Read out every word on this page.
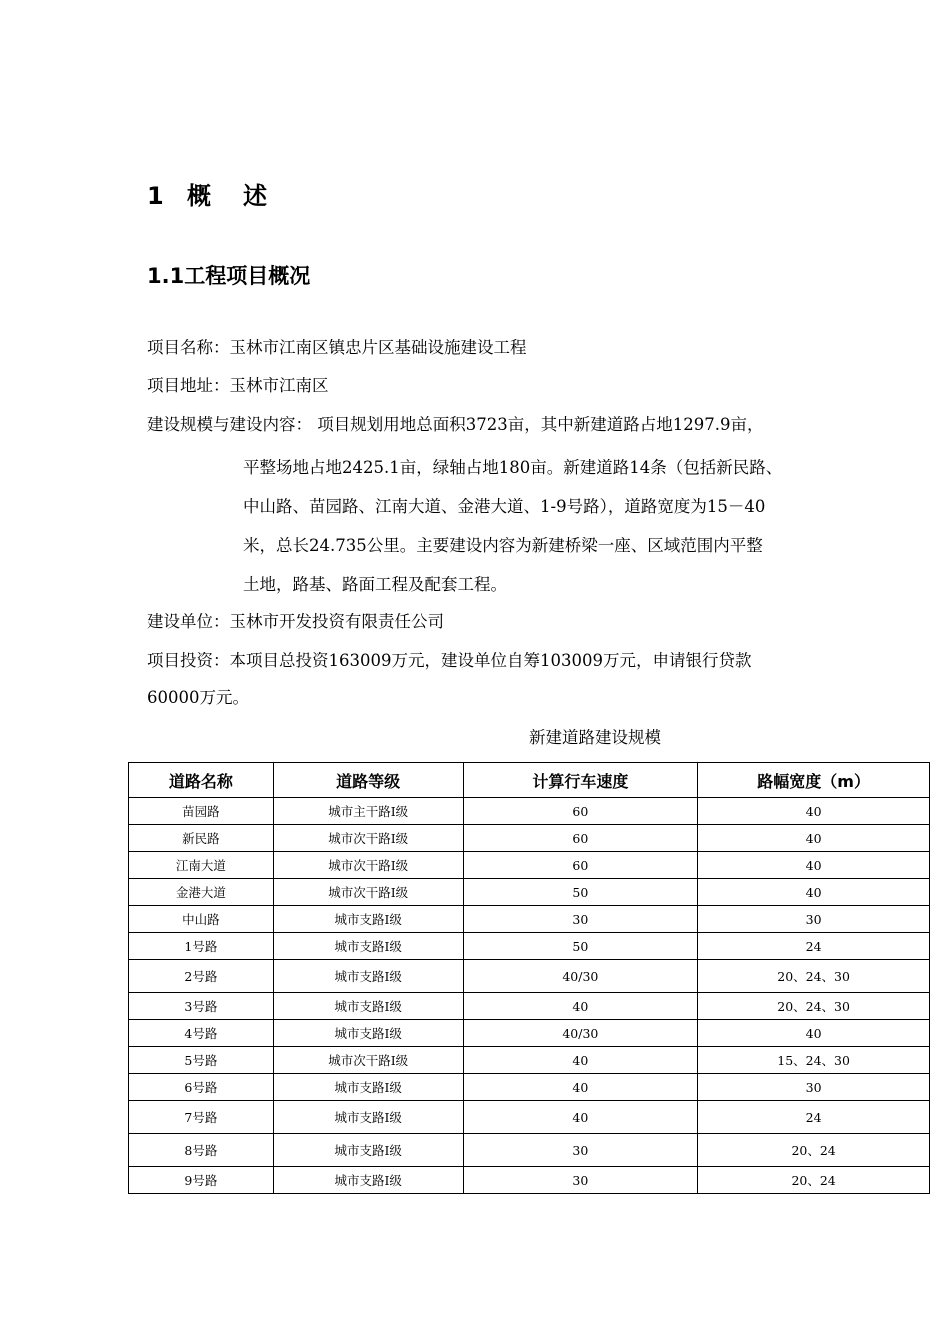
1 概 述
1.1工程项目概况
项目名称：玉林市江南区镇忠片区基础设施建设工程
项目地址：玉林市江南区
建设规模与建设内容： 项目规划用地总面积3723亩，其中新建道路占地1297.9亩，
平整场地占地2425.1亩，绿轴占地180亩。新建道路14条（包括新民路、
中山路、苗园路、江南大道、金港大道、1-9号路），道路宽度为15－40
米，总长24.735公里。主要建设内容为新建桥梁一座、区域范围内平整
土地，路基、路面工程及配套工程。
建设单位：玉林市开发投资有限责任公司
项目投资：本项目总投资163009万元，建设单位自筹103009万元，申请银行贷款
60000万元。
新建道路建设规模
道路名称	道路等级	计算行车速度	路幅宽度（m）
苗园路	城市主干路Ⅰ级	60	40
新民路	城市次干路Ⅰ级	60	40
江南大道	城市次干路Ⅰ级	60	40
金港大道	城市次干路Ⅰ级	50	40
中山路	城市支路Ⅰ级	30	30
1号路	城市支路Ⅰ级	50	24
2号路	城市支路Ⅰ级	40/30	20、24、30
3号路	城市支路Ⅰ级	40	20、24、30
4号路	城市支路Ⅰ级	40/30	40
5号路	城市次干路Ⅰ级	40	15、24、30
6号路	城市支路Ⅰ级	40	30
7号路	城市支路Ⅰ级	40	24
8号路	城市支路Ⅰ级	30	20、24
9号路	城市支路Ⅰ级	30	20、24
